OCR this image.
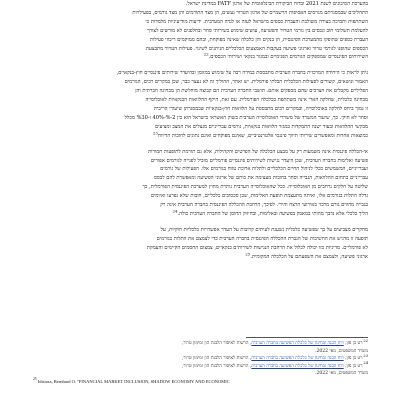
בהערכת הסיכונים לשנת 2021 ובדוח הביקורת הבינלאומית של ארגון FATF במדינת ישראל.
התהליכים שבמסגרתם מגויסים האסיפות הרשמיים של ארגון הטרור נעשים, הן מצד התורמים והן מצד גורמים, בפעילויות
השתתפות ותמיכה בצורה משולבת והעברת כספים מישראל לעזה או לגדה המערבית. ידיעות מודיעיניות מלמדות כי
להעלמת תשלומי חוב ונכסים בין גורמי הטרור והפשיעה, עושים שימוש בשירותי סחר ובחלפנים לא מורשים לצורך
העברת כספים שהופקו מהמערכת הפיננסית, הן בנקים והן כלכלה שאינה מפוקחת, ובהם ממוקמים ריכוזי פעילות
הכספים שהופנו לגורמי טרור וארגוני פשיעה בעקבות האמצעים הכלכליים הניתנים לשינוי. פעילות הטרור מתבצעת
השירותים הפיננסיים שמספקים הגורמים הפנימיים ובמגזר בנקאי ושירותי הכספים.$^{22}$
ניתן לראות כי היחידה המרכזית בחברה הערבית מתבססת במידה רבה על שימוש במזומן ובהיעדר שירותים פיננסיים חוץ-בנקאיים,
האמור ונושאים, קשורים לפעילות הכלכלית הבלתי פורמלית. יש ואחר, ההוליך זה לא נעצר כבר, שכן במקרים רבים, הגורמים
הפליליים מקבלים את הצרכים שהם מספקים אותם. תושבי החברה הערבית הם קבוצה מוחלשת הן מבחינה חברתית והן
מבחינה כלכלית, שחלקה הארי אינה משתתפת בכלכלה הפורמלית. עם זאת, היקף ההלוואות הבנקאיות לאוכלוסייה
זו נמוך ביחס לחלקה באוכלוסייה, ובמקרים רבים מתבססת על הלוואות חוץ-בנקאיות שבמסגרתן שיעורי הריבית
וסחר לא חוקי. כך, שיעור המשרד של משרדי האוכלוסייה הערבית בשוק האשראי בישראל הוא בין 2-%-40% ו-%30 מכלל
מבקשי ההלוואות ובעוד ישנה התמקדות במגזר הלוואות בנקאיות, גורמים עברייניים מנצלים את המצב ומציעים
כמוצאות אחרות ומאפשרים שירותי תיווך פיננסי אלטרנטיביים, שאינם מפוקחים ואינם נתונים לחובות הדיווח$^{23}$
אי-הכללה פיננסית אינה משמעות רק על מבצע הכלכלה של הפרטים והקהילות, אלא גם תורמת לתופעות חמורות
פשיעה ואלימות בחברה הערבית, שכן היעדר נגישות לשירותים פיננסיים פורמליים מוביל לפנייה לגורמים אפורים
ועברייניים, המשמשים ככלי לניהול החיים הכלכליים ולתלות ארוכת טווח בגורמים אלו. הפעילות של גורמים
עברייניים בתחום ההלוואות, הגבייה וסחר בחובות מעצימה את כוחם של ארגוני הפשיעה ומאפשרת להם לבסס
שליטה על חלקים נרחבים מן האוכלוסייה. ככל שהאוכלוסייה הערבית נותרת מחוץ למערכת הפיננסית הפורמלית, כך
גדלה התלות בגורמים אלו, ואיתה מתעצמת תופעת האלימות, שכן סכסוכים כלכליים, חובות שלא נפרעו ואיומים
בגבייה מהווים גורם מרכזי באירועי הרצח והירי. לפיכך, הרחבת ההכללה הפיננסית בחברה הערבית אינה רק
הליך כלכלי אלא נדבך מהותי במאבק בפשיעה ובאלימות, ובחיזוק החוסן של החברה הערבית כולה.$^{24}$
מחקרים מצביעים על כך שפשיעה כלכלית נשענת לעיתים קרובות על העדר אפשרויות כלכליות חוקיות, על
תופעה זו מדגיש את החשיבות של הגברת ההכללה הפיננסית בחברה הערבית כדי לצמצם את התלות בגורמים
לא פורמליים. מדיניות כזו יכולה לכלול את הרחבת הנגישות לשירותים בנקאיים, צמצום החסמים הקיימים והעמקת
ארגוני פשיעה, ולצמצם את השפעתם על הכלכלה המקומית.$^{25}$
$^{22}$רט בן פזן, דוח הבנה ובחינה של כלכלת הפשיעה בחברה הערבית, הרשות לאיסור הלבנת הון ומימון טרור,
משרד המשפטים, מאי 2022.
$^{23}$רט בן פזן, דוח הבנה ובחינה של כלכלת הפשיעה בחברה הערבית, הרשות לאיסור הלבנת הון ומימון טרור,
$^{24}$רט בן פזן, דוח הבנה ובחינה של כלכלת הפשיעה בחברה הערבית, הרשות לאיסור הלבנת הון ומימון טרור,
משרד המשפטים, מאי 2022.
$^{25}$ Idisiora, Bernhard O. "FINANCIAL MARKET INCLUSION, SHADOW ECONOMY AND ECONOMIC
